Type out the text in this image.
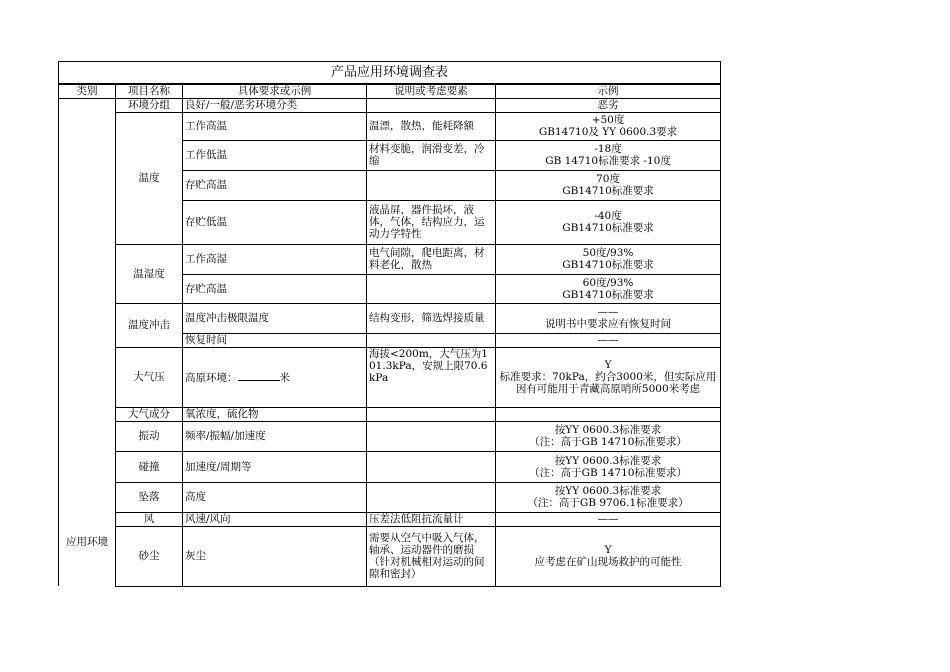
产品应用环境调查表				
类别	项目名称	具体要求或示例	说明或考虑要素	示例
应用环境	环境分组	良好/一般/恶劣环境分类		恶劣
	温度	工作高温	温漂，散热，能耗降额	+50度
GB14710及 YY 0600.3要求

		工作低温	材料变脆，润滑变差，冷缩	-18度
GB 14710标准要求 -10度

		存贮高温		70度
GB14710标准要求

		存贮低温	液晶屏，器件损坏，液体，气体，结构应力，运动力学特性	-40度
GB14710标准要求

	温湿度	工作高湿	电气间隙，爬电距离，材料老化，散热	50度/93%
GB14710标准要求

		存贮高温		60度/93%
GB14710标准要求

	温度冲击	温度冲击极限温度	结构变形，筛选焊接质量	——
说明书中要求应有恢复时间

		恢复时间		——
	大气压	高原环境： 米	海拔<200m，大气压为101.3kPa，安规上限70.6kPa	Y
标准要求：70kPa，约合3000米，但实际应用因有可能用于青藏高原哨所5000米考虑

	大气成分	氧浓度，硫化物		
	振动	频率/振幅/加速度		按YY 0600.3标准要求
（注：高于GB 14710标准要求）

	碰撞	加速度/周期等		按YY 0600.3标准要求
（注：高于GB 14710标准要求）

	坠落	高度		按YY 0600.3标准要求
（注：高于GB 9706.1标准要求）

	风	风速/风向	压差法低阻抗流量计	——
	砂尘	灰尘	需要从空气中吸入气体，轴承、运动器件的磨损（针对机械相对运动的间隙和密封）	Y
应考虑在矿山现场救护的可能性
